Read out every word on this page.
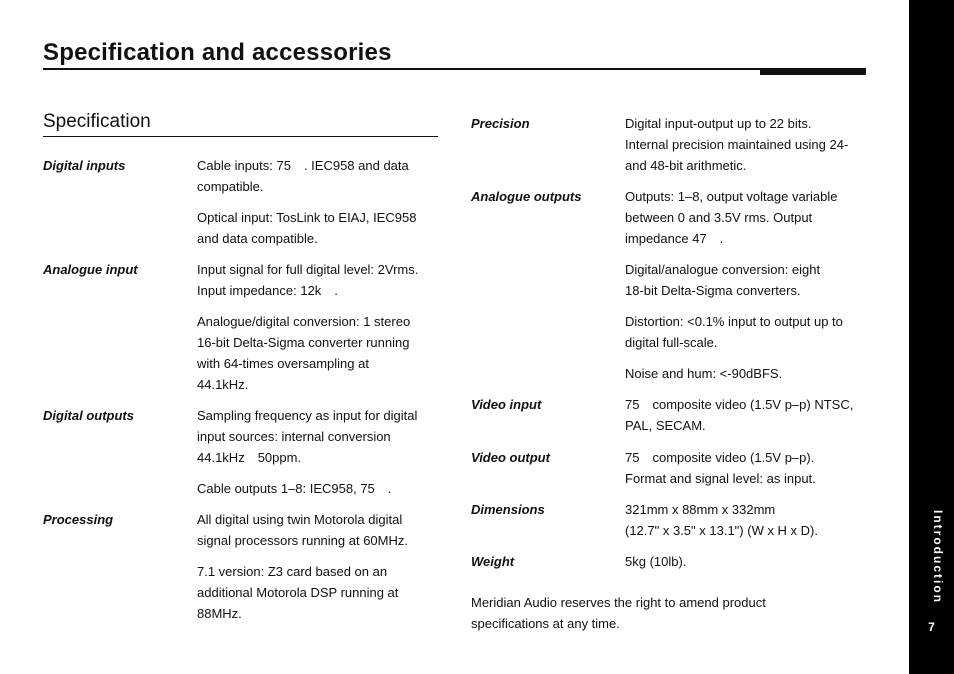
Specification and accessories
Specification
Digital inputs	Cable inputs: 75  . IEC958 and data
compatible.
Optical input: TosLink to EIAJ, IEC958
and data compatible.
Analogue input	Input signal for full digital level: 2Vrms.
Input impedance: 12k  .
Analogue/digital conversion: 1 stereo
16-bit Delta-Sigma converter running
with 64-times oversampling at
44.1kHz.
Digital outputs	Sampling frequency as input for digital
input sources: internal conversion
44.1kHz  50ppm.
Cable outputs 1–8: IEC958, 75  .
Processing	All digital using twin Motorola digital
signal processors running at 60MHz.
7.1 version: Z3 card based on an
additional Motorola DSP running at
88MHz.
Precision	Digital input-output up to 22 bits.
Internal precision maintained using 24-
and 48-bit arithmetic.
Analogue outputs	Outputs: 1–8, output voltage variable
between 0 and 3.5V rms. Output
impedance 47  .
Digital/analogue conversion: eight
18-bit Delta-Sigma converters.
Distortion: <0.1% input to output up to
digital full-scale.
Noise and hum: <-90dBFS.
Video input	75  composite video (1.5V p–p) NTSC,
PAL, SECAM.
Video output	75  composite video (1.5V p–p).
Format and signal level: as input.
Dimensions	321mm x 88mm x 332mm
(12.7" x 3.5" x 13.1") (W x H x D).
Weight	5kg (10lb).
Meridian Audio reserves the right to amend product
specifications at any time.
Introduction
7
